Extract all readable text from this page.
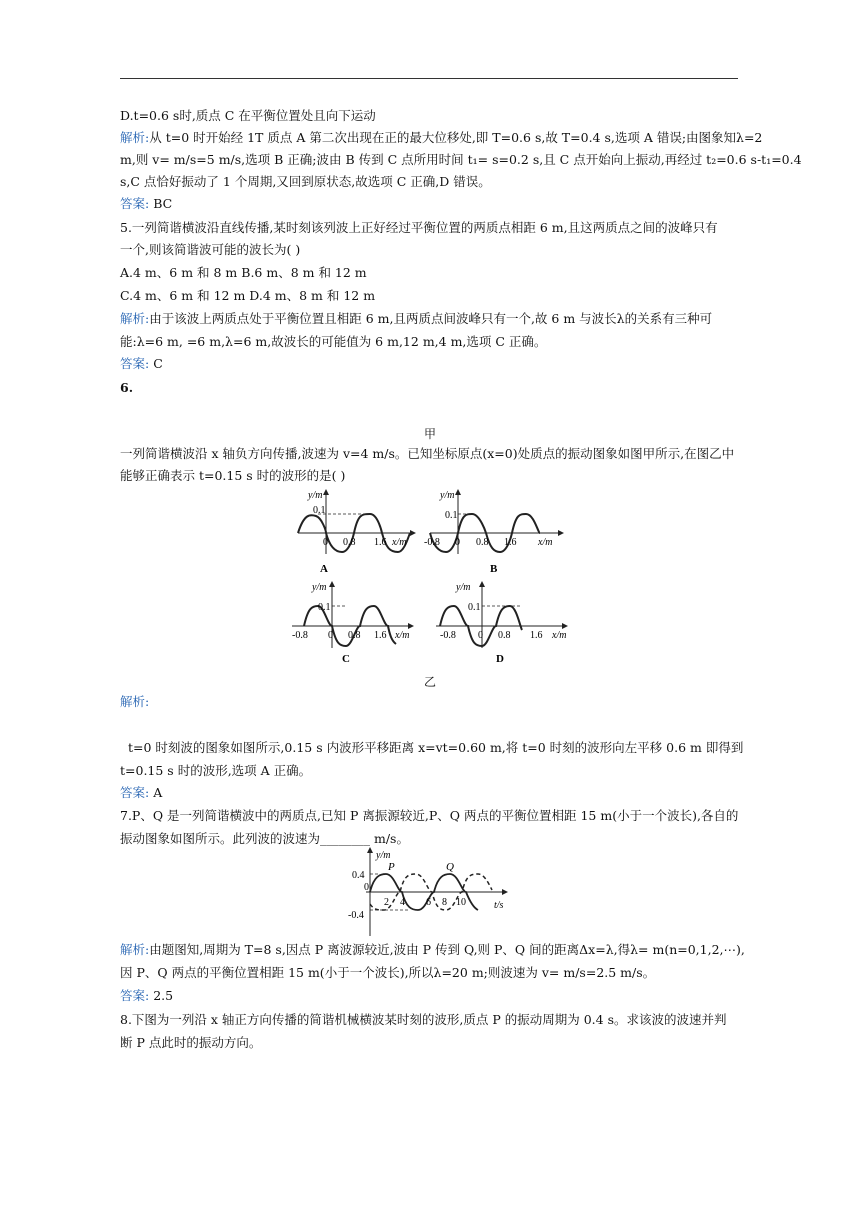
D.t=0.6 s时,质点 C 在平衡位置处且向下运动
解析:从 t=0 时开始经 1T 质点 A 第二次出现在正的最大位移处,即 T=0.6 s,故 T=0.4 s,选项 A 错误;由图象知λ=2
m,则 v= m/s=5 m/s,选项 B 正确;波由 B 传到 C 点所用时间 t₁= s=0.2 s,且 C 点开始向上振动,再经过 t₂=0.6 s-t₁=0.4
s,C 点恰好振动了 1 个周期,又回到原状态,故选项 C 正确,D 错误。
答案: BC
5.一列简谐横波沿直线传播,某时刻该列波上正好经过平衡位置的两质点相距 6 m,且这两质点之间的波峰只有
一个,则该简谐波可能的波长为( )
A.4 m、6 m 和 8 m B.6 m、8 m 和 12 m
C.4 m、6 m 和 12 m D.4 m、8 m 和 12 m
解析:由于该波上两质点处于平衡位置且相距 6 m,且两质点间波峰只有一个,故 6 m 与波长λ的关系有三种可
能:λ=6 m, =6 m,λ=6 m,故波长的可能值为 6 m,12 m,4 m,选项 C 正确。
答案: C
6.
甲
一列简谐横波沿 x 轴负方向传播,波速为 v=4 m/s。已知坐标原点(x=0)处质点的振动图象如图甲所示,在图乙中
能够正确表示 t=0.15 s 时的波形的是( )
y/m
0.1
0 0.8 1.6 x/m
A
y/m
0.1
-0.8 0 0.8 1.6 x/m
B
y/m
0.1
-0.8 0 0.8 1.6 x/m
C
y/m
0.1
-0.8 0 0.8 1.6 x/m
D
乙
解析:
t=0 时刻波的图象如图所示,0.15 s 内波形平移距离 x=vt=0.60 m,将 t=0 时刻的波形向左平移 0.6 m 即得到
t=0.15 s 时的波形,选项 A 正确。
答案: A
7.P、Q 是一列简谐横波中的两质点,已知 P 离振源较近,P、Q 两点的平衡位置相距 15 m(小于一个波长),各自的
振动图象如图所示。此列波的波速为________ m/s。
y/m
P	Q
0.4
-0.4
0
2 4 6 8 10	t/s
解析:由题图知,周期为 T=8 s,因点 P 离波源较近,波由 P 传到 Q,则 P、Q 间的距离Δx=λ,得λ= m(n=0,1,2,⋯),
因 P、Q 两点的平衡位置相距 15 m(小于一个波长),所以λ=20 m;则波速为 v= m/s=2.5 m/s。
答案: 2.5
8.下图为一列沿 x 轴正方向传播的简谐机械横波某时刻的波形,质点 P 的振动周期为 0.4 s。求该波的波速并判
断 P 点此时的振动方向。
